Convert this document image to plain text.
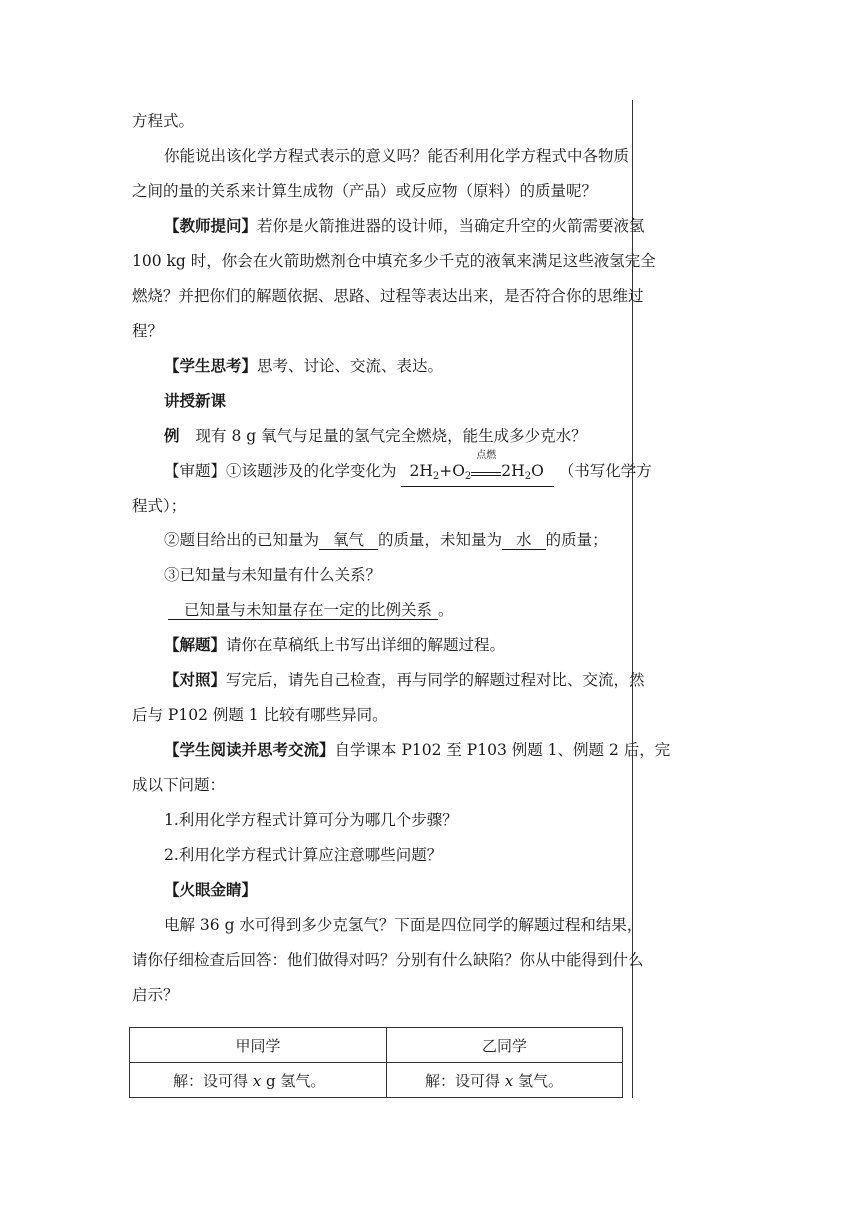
方程式。
你能说出该化学方程式表示的意义吗？能否利用化学方程式中各物质
之间的量的关系来计算生成物（产品）或反应物（原料）的质量呢？
【教师提问】若你是火箭推进器的设计师，当确定升空的火箭需要液氢
100 kg 时，你会在火箭助燃剂仓中填充多少千克的液氧来满足这些液氢完全
燃烧？并把你们的解题依据、思路、过程等表达出来，是否符合你的思维过
程？
【学生思考】思考、讨论、交流、表达。
讲授新课
例 现有 8 g 氧气与足量的氢气完全燃烧，能生成多少克水？
【审题】①该题涉及的化学变化为 $2H_2+O_2$
点燃
$2H_2O$ （书写化学方
程式）；
②题目给出的已知量为 氧气 的质量，未知量为 水 的质量；
③已知量与未知量有什么关系？
已知量与未知量存在一定的比例关系 。
【解题】请你在草稿纸上书写出详细的解题过程。
【对照】写完后，请先自己检查，再与同学的解题过程对比、交流，然
后与 P102 例题 1 比较有哪些异同。
【学生阅读并思考交流】自学课本 P102 至 P103 例题 1、例题 2 后，完
成以下问题：
1.利用化学方程式计算可分为哪几个步骤？
2.利用化学方程式计算应注意哪些问题？
【火眼金睛】
电解 36 g 水可得到多少克氢气？下面是四位同学的解题过程和结果，
请你仔细检查后回答：他们做得对吗？分别有什么缺陷？你从中能得到什么
启示？
甲同学	乙同学
解：设可得 x g 氢气。	解：设可得 x 氢气。
